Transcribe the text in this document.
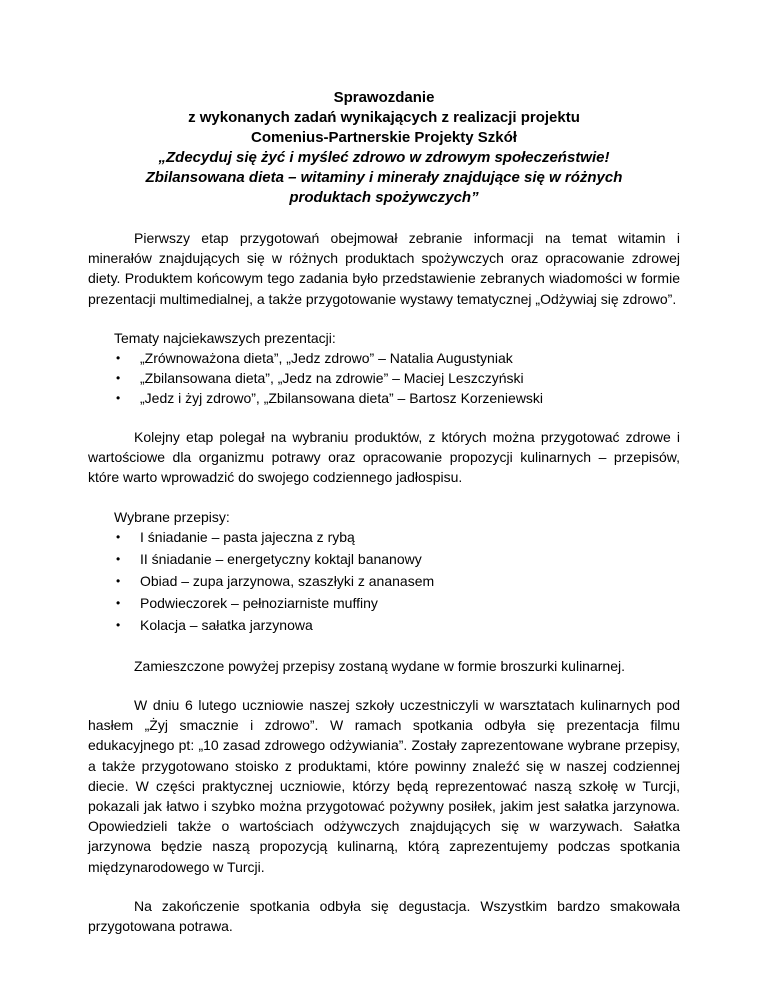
Sprawozdanie
z wykonanych zadań wynikających z realizacji projektu
Comenius-Partnerskie Projekty Szkół
„Zdecyduj się żyć i myśleć zdrowo w zdrowym społeczeństwie!
Zbilansowana dieta – witaminy i minerały znajdujące się w różnych
produktach spożywczych”

Pierwszy etap przygotowań obejmował zebranie informacji na temat witamin i minerałów znajdujących się w różnych produktach spożywczych oraz opracowanie zdrowej diety. Produktem końcowym tego zadania było przedstawienie zebranych wiadomości w formie prezentacji multimedialnej, a także przygotowanie wystawy tematycznej „Odżywiaj się zdrowo”.

Tematy najciekawszych prezentacji:
• „Zrównoważona dieta”, „Jedz zdrowo” – Natalia Augustyniak
• „Zbilansowana dieta”, „Jedz na zdrowie” – Maciej Leszczyński
• „Jedz i żyj zdrowo”, „Zbilansowana dieta” – Bartosz Korzeniewski

Kolejny etap polegał na wybraniu produktów, z których można przygotować zdrowe i wartościowe dla organizmu potrawy oraz opracowanie propozycji kulinarnych – przepisów, które warto wprowadzić do swojego codziennego jadłospisu.

Wybrane przepisy:
• I śniadanie – pasta jajeczna z rybą
• II śniadanie – energetyczny koktajl bananowy
• Obiad – zupa jarzynowa, szaszłyki z ananasem
• Podwieczorek – pełnoziarniste muffiny
• Kolacja – sałatka jarzynowa

Zamieszczone powyżej przepisy zostaną wydane w formie broszurki kulinarnej.

W dniu 6 lutego uczniowie naszej szkoły uczestniczyli w warsztatach kulinarnych pod hasłem „Żyj smacznie i zdrowo”. W ramach spotkania odbyła się prezentacja filmu edukacyjnego pt: „10 zasad zdrowego odżywiania”. Zostały zaprezentowane wybrane przepisy, a także przygotowano stoisko z produktami, które powinny znaleźć się w naszej codziennej diecie. W części praktycznej uczniowie, którzy będą reprezentować naszą szkołę w Turcji, pokazali jak łatwo i szybko można przygotować pożywny posiłek, jakim jest sałatka jarzynowa. Opowiedzieli także o wartościach odżywczych znajdujących się w warzywach. Sałatka jarzynowa będzie naszą propozycją kulinarną, którą zaprezentujemy podczas spotkania międzynarodowego w Turcji.

Na zakończenie spotkania odbyła się degustacja. Wszystkim bardzo smakowała przygotowana potrawa.
